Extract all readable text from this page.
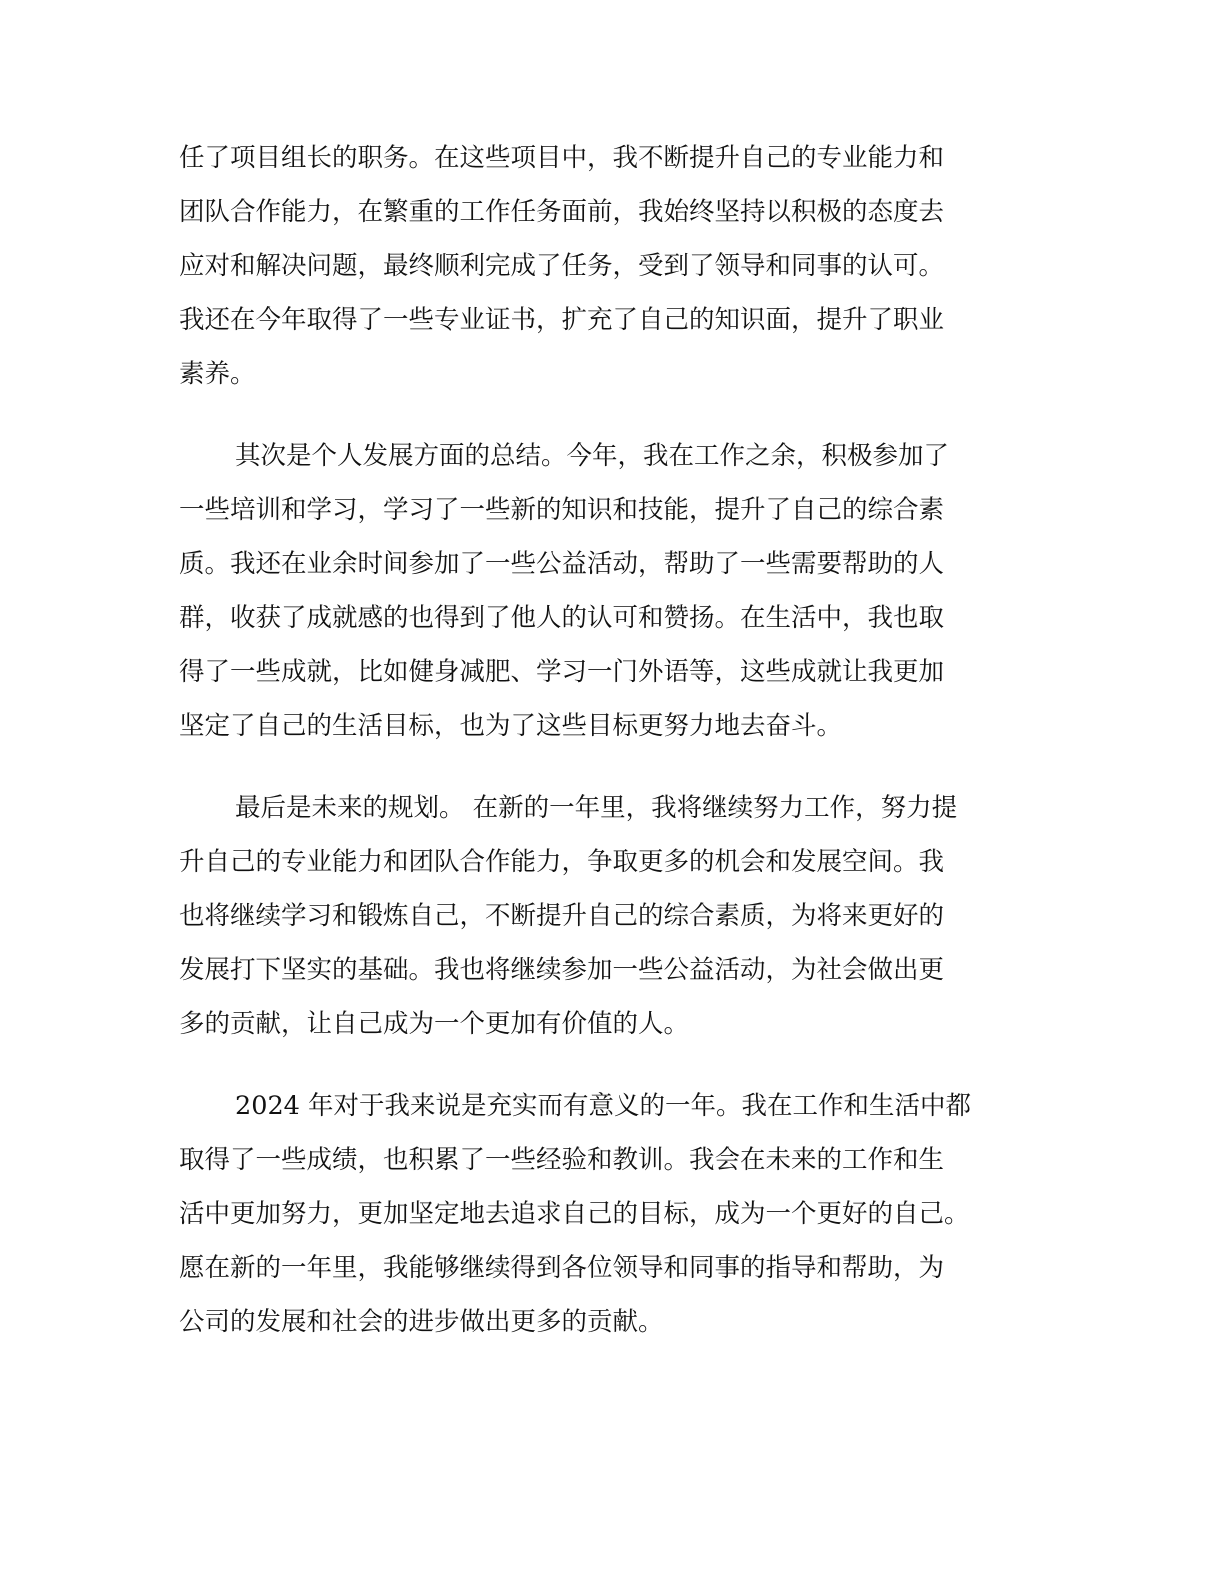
任了项目组长的职务。在这些项目中，我不断提升自己的专业能力和
团队合作能力，在繁重的工作任务面前，我始终坚持以积极的态度去
应对和解决问题，最终顺利完成了任务，受到了领导和同事的认可。
我还在今年取得了一些专业证书，扩充了自己的知识面，提升了职业
素养。
其次是个人发展方面的总结。今年，我在工作之余，积极参加了
一些培训和学习，学习了一些新的知识和技能，提升了自己的综合素
质。我还在业余时间参加了一些公益活动，帮助了一些需要帮助的人
群，收获了成就感的也得到了他人的认可和赞扬。在生活中，我也取
得了一些成就，比如健身减肥、学习一门外语等，这些成就让我更加
坚定了自己的生活目标，也为了这些目标更努力地去奋斗。
最后是未来的规划。 在新的一年里，我将继续努力工作，努力提
升自己的专业能力和团队合作能力，争取更多的机会和发展空间。我
也将继续学习和锻炼自己，不断提升自己的综合素质，为将来更好的
发展打下坚实的基础。我也将继续参加一些公益活动，为社会做出更
多的贡献，让自己成为一个更加有价值的人。
2024 年对于我来说是充实而有意义的一年。我在工作和生活中都
取得了一些成绩，也积累了一些经验和教训。我会在未来的工作和生
活中更加努力，更加坚定地去追求自己的目标，成为一个更好的自己。
愿在新的一年里，我能够继续得到各位领导和同事的指导和帮助，为
公司的发展和社会的进步做出更多的贡献。
